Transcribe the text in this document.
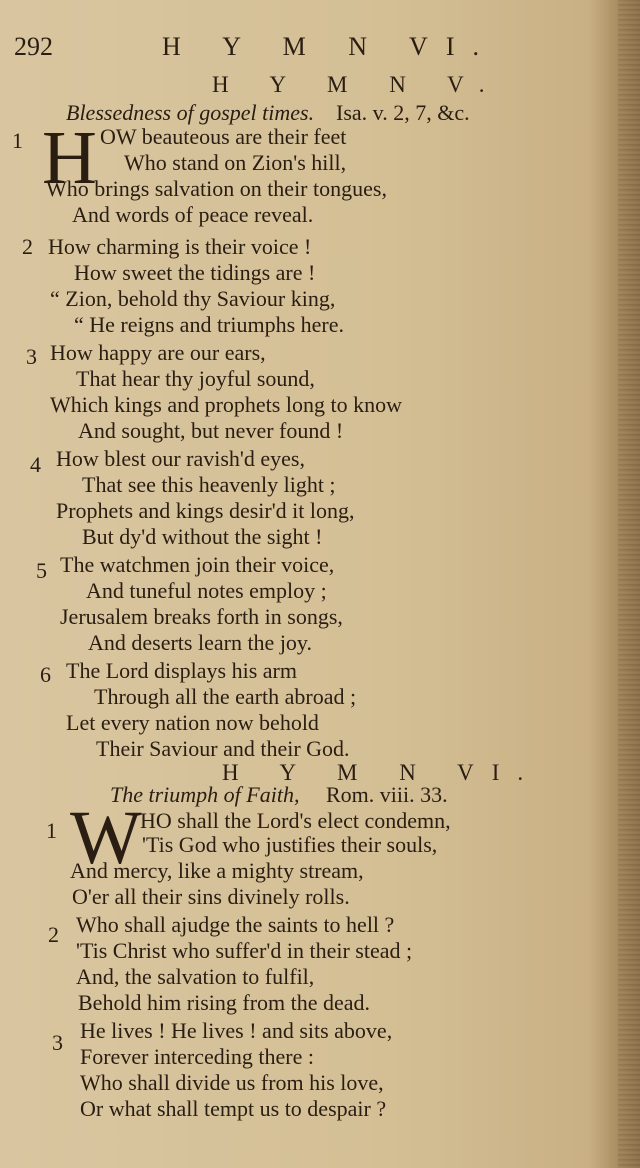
292	H Y M N VI.
H Y M N V.
Blessedness of gospel times. Isa. v. 2, 7, &c.
1 H OW beauteous are their feet
Who stand on Zion's hill,
Who brings salvation on their tongues,
And words of peace reveal.
2 How charming is their voice !
How sweet the tidings are !
“ Zion, behold thy Saviour king,
“ He reigns and triumphs here.
3 How happy are our ears,
That hear thy joyful sound,
Which kings and prophets long to know
And sought, but never found !
4 How blest our ravish'd eyes,
That see this heavenly light ;
Prophets and kings desir'd it long,
But dy'd without the sight !
5 The watchmen join their voice,
And tuneful notes employ ;
Jerusalem breaks forth in songs,
And deserts learn the joy.
6 The Lord displays his arm
Through all the earth abroad ;
Let every nation now behold
Their Saviour and their God.
H Y M N VI.
The triumph of Faith, Rom. viii. 33.
1 W
HO shall the Lord's elect condemn,
'Tis God who justifies their souls,
And mercy, like a mighty stream,
O'er all their sins divinely rolls.
2 Who shall ajudge the saints to hell ?
'Tis Christ who suffer'd in their stead ;
And, the salvation to fulfil,
Behold him rising from the dead.
3 He lives ! He lives ! and sits above,
Forever interceding there :
Who shall divide us from his love,
Or what shall tempt us to despair ?
